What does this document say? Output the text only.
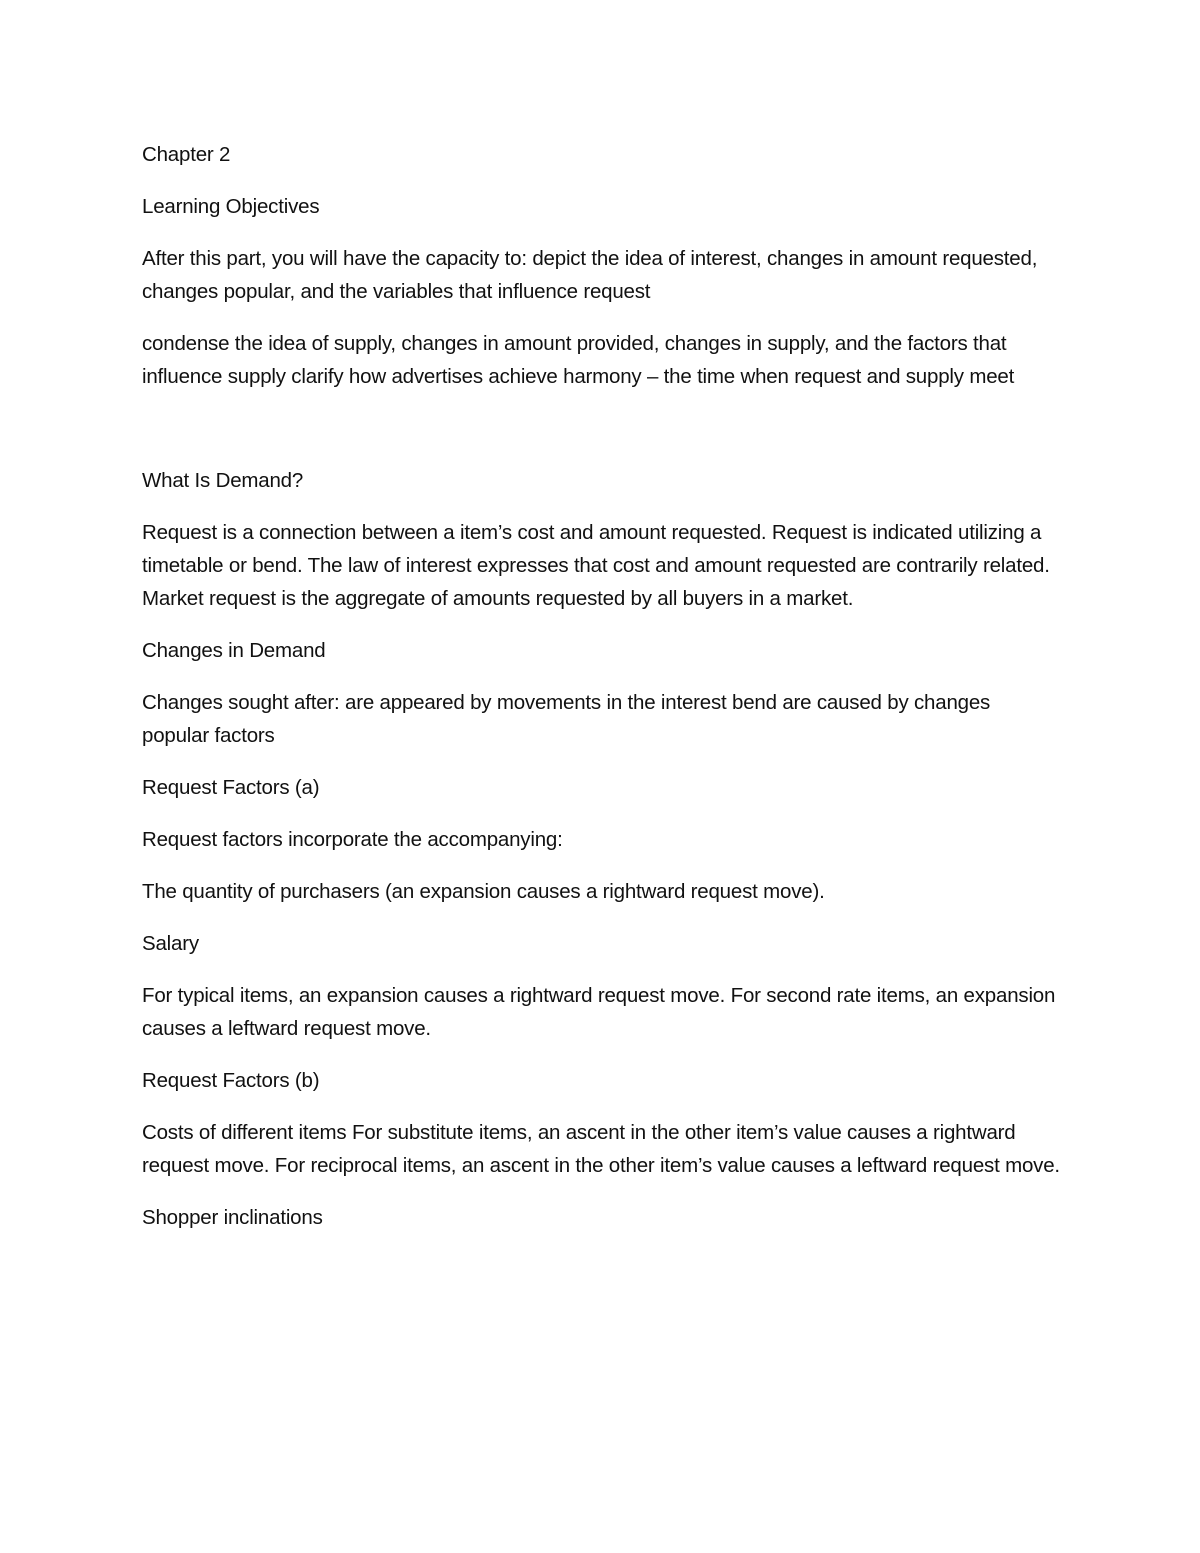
Chapter 2

Learning Objectives

After this part, you will have the capacity to: depict the idea of interest, changes in amount requested, changes popular, and the variables that influence request

condense the idea of supply, changes in amount provided, changes in supply, and the factors that influence supply clarify how advertises achieve harmony – the time when request and supply meet

What Is Demand?

Request is a connection between a item’s cost and amount requested. Request is indicated utilizing a timetable or bend. The law of interest expresses that cost and amount requested are contrarily related. Market request is the aggregate of amounts requested by all buyers in a market.

Changes in Demand

Changes sought after: are appeared by movements in the interest bend are caused by changes popular factors

Request Factors (a)

Request factors incorporate the accompanying:

The quantity of purchasers (an expansion causes a rightward request move).

Salary

For typical items, an expansion causes a rightward request move. For second rate items, an expansion causes a leftward request move.

Request Factors (b)

Costs of different items For substitute items, an ascent in the other item’s value causes a rightward request move. For reciprocal items, an ascent in the other item’s value causes a leftward request move.

Shopper inclinations
